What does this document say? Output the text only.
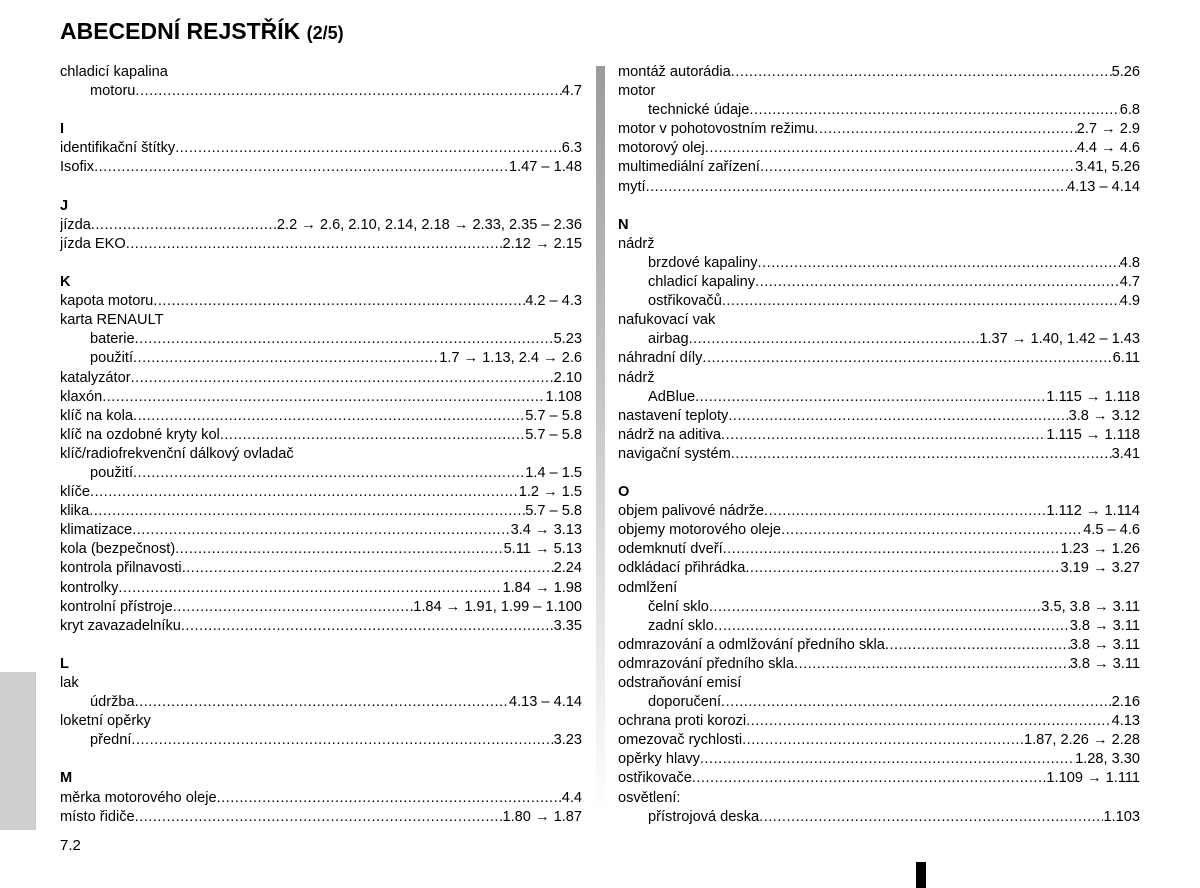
ABECEDNÍ REJSTŘÍK (2/5)
chladicí kapalina
motoru .....	4.7
I
identifikační štítky .....	6.3
Isofix .....	1.47 – 1.48
J
jízda .....	2.2 → 2.6, 2.10, 2.14, 2.18 → 2.33, 2.35 – 2.36
jízda EKO .....	2.12 → 2.15
K
kapota motoru .....	4.2 – 4.3
karta RENAULT
baterie .....	5.23
použití .....	1.7 → 1.13, 2.4 → 2.6
katalyzátor .....	2.10
klaxón .....	1.108
klíč na kola .....	5.7 – 5.8
klíč na ozdobné kryty kol .....	5.7 – 5.8
klíč/radiofrekvenční dálkový ovladač
použití .....	1.4 – 1.5
klíče .....	1.2 → 1.5
klika .....	5.7 – 5.8
klimatizace .....	3.4 → 3.13
kola (bezpečnost) .....	5.11 → 5.13
kontrola přilnavosti .....	2.24
kontrolky .....	1.84 → 1.98
kontrolní přístroje .....	1.84 → 1.91, 1.99 – 1.100
kryt zavazadelníku .....	3.35
L
lak
údržba .....	4.13 – 4.14
loketní opěrky
přední .....	3.23
M
měrka motorového oleje .....	4.4
místo řidiče .....	1.80 → 1.87
montáž autorádia .....	5.26
motor
technické údaje .....	6.8
motor v pohotovostním režimu .....	2.7 → 2.9
motorový olej .....	4.4 → 4.6
multimediální zařízení .....	3.41, 5.26
mytí .....	4.13 – 4.14
N
nádrž
brzdové kapaliny .....	4.8
chladicí kapaliny .....	4.7
ostřikovačů .....	4.9
nafukovací vak
airbag .....	1.37 → 1.40, 1.42 – 1.43
náhradní díly .....	6.11
nádrž
AdBlue .....	1.115 → 1.118
nastavení teploty .....	3.8 → 3.12
nádrž na aditiva .....	1.115 → 1.118
navigační systém .....	3.41
O
objem palivové nádrže .....	1.112 → 1.114
objemy motorového oleje .....	4.5 – 4.6
odemknutí dveří .....	1.23 → 1.26
odkládací přihrádka .....	3.19 → 3.27
odmlžení
čelní sklo .....	3.5, 3.8 → 3.11
zadní sklo .....	3.8 → 3.11
odmrazování a odmlžování předního skla .....	3.8 → 3.11
odmrazování předního skla .....	3.8 → 3.11
odstraňování emisí
doporučení .....	2.16
ochrana proti korozi .....	4.13
omezovač rychlosti .....	1.87, 2.26 → 2.28
opěrky hlavy .....	1.28, 3.30
ostřikovače .....	1.109 → 1.111
osvětlení:
přístrojová deska .....	1.103
7.2
